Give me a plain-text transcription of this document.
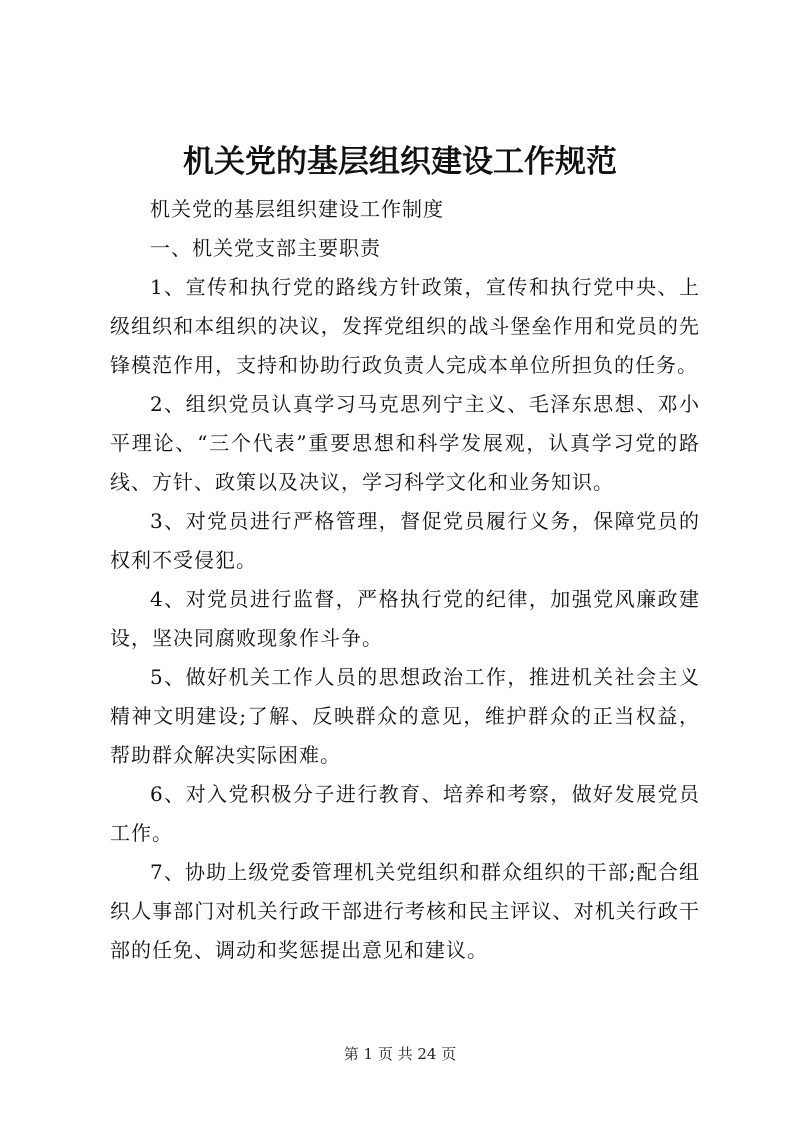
机关党的基层组织建设工作规范

机关党的基层组织建设工作制度

一、机关党支部主要职责

1、宣传和执行党的路线方针政策，宣传和执行党中央、上级组织和本组织的决议，发挥党组织的战斗堡垒作用和党员的先锋模范作用，支持和协助行政负责人完成本单位所担负的任务。

2、组织党员认真学习马克思列宁主义、毛泽东思想、邓小平理论、“三个代表”重要思想和科学发展观，认真学习党的路线、方针、政策以及决议，学习科学文化和业务知识。

3、对党员进行严格管理，督促党员履行义务，保障党员的权利不受侵犯。

4、对党员进行监督，严格执行党的纪律，加强党风廉政建设，坚决同腐败现象作斗争。

5、做好机关工作人员的思想政治工作，推进机关社会主义精神文明建设;了解、反映群众的意见，维护群众的正当权益，帮助群众解决实际困难。

6、对入党积极分子进行教育、培养和考察，做好发展党员工作。

7、协助上级党委管理机关党组织和群众组织的干部;配合组织人事部门对机关行政干部进行考核和民主评议、对机关行政干部的任免、调动和奖惩提出意见和建议。

第 1 页 共 24 页
